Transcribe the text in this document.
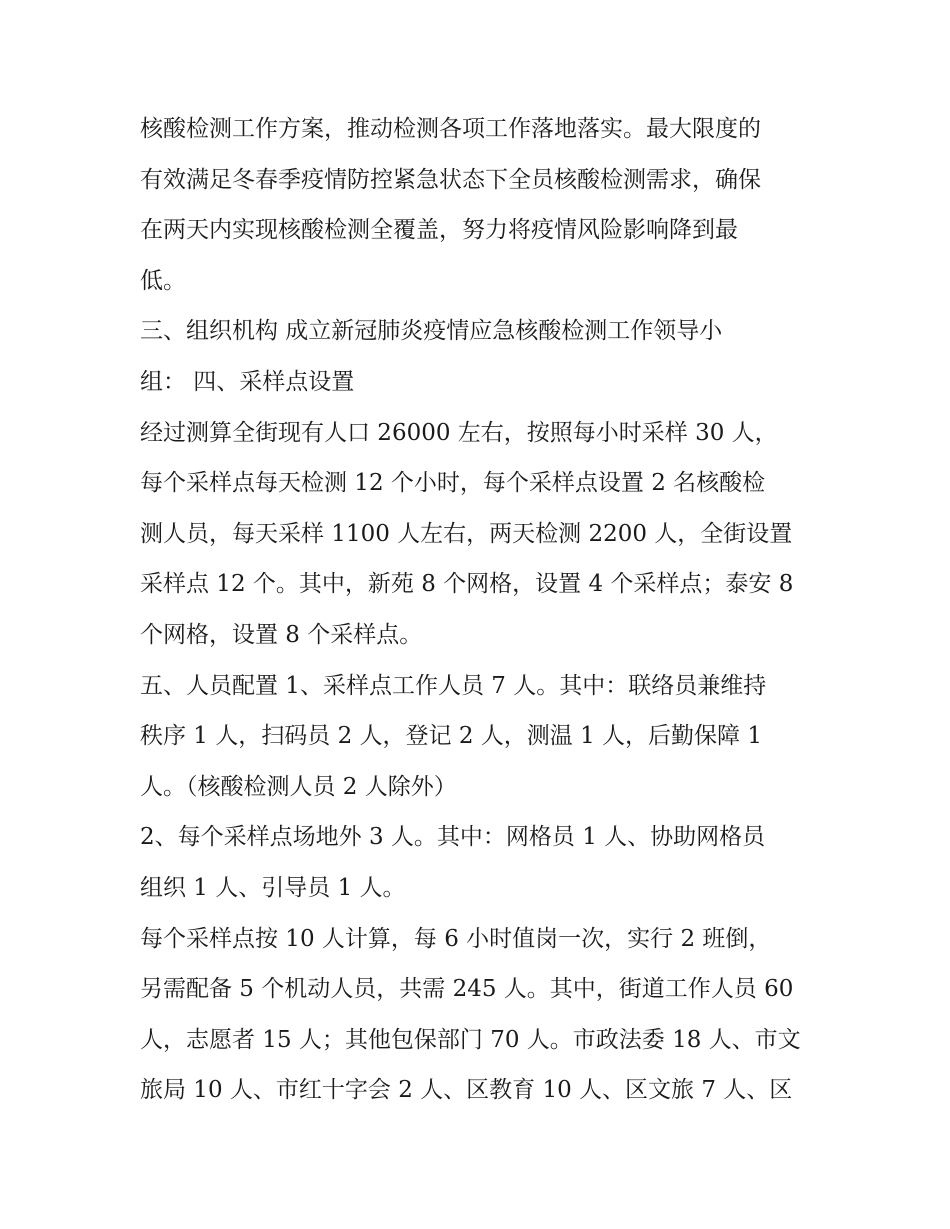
核酸检测工作方案，推动检测各项工作落地落实。最大限度的
有效满足冬春季疫情防控紧急状态下全员核酸检测需求，确保
在两天内实现核酸检测全覆盖，努力将疫情风险影响降到最
低。
三、组织机构 成立新冠肺炎疫情应急核酸检测工作领导小
组： 四、采样点设置
经过测算全街现有人口 26000 左右，按照每小时采样 30 人，
每个采样点每天检测 12 个小时，每个采样点设置 2 名核酸检
测人员，每天采样 1100 人左右，两天检测 2200 人，全街设置
采样点 12 个。其中，新苑 8 个网格，设置 4 个采样点；泰安 8
个网格，设置 8 个采样点。
五、人员配置 1、采样点工作人员 7 人。其中：联络员兼维持
秩序 1 人，扫码员 2 人，登记 2 人，测温 1 人，后勤保障 1
人。（核酸检测人员 2 人除外）
2、每个采样点场地外 3 人。其中：网格员 1 人、协助网格员
组织 1 人、引导员 1 人。
每个采样点按 10 人计算，每 6 小时值岗一次，实行 2 班倒，
另需配备 5 个机动人员，共需 245 人。其中，街道工作人员 60
人，志愿者 15 人；其他包保部门 70 人。市政法委 18 人、市文
旅局 10 人、市红十字会 2 人、区教育 10 人、区文旅 7 人、区
